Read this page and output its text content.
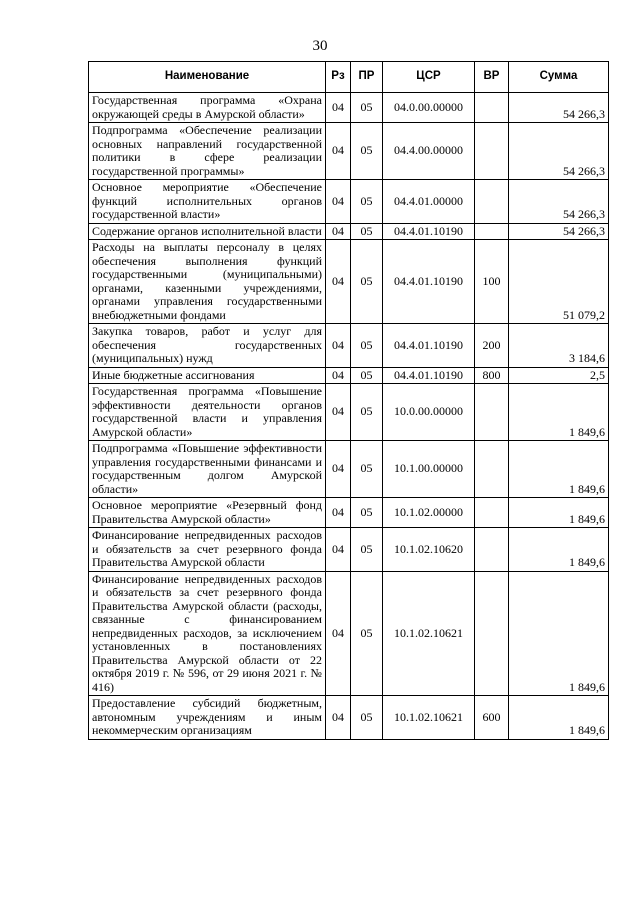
30
Наименование	Рз	ПР	ЦСР	ВР	Сумма
Государственная программа «Охрана окружающей среды в Амурской области»	04	05	04.0.00.00000		54 266,3
Подпрограмма «Обеспечение реализации основных направлений государственной политики в сфере реализации государственной программы»	04	05	04.4.00.00000		54 266,3
Основное мероприятие «Обеспечение функций исполнительных органов государственной власти»	04	05	04.4.01.00000		54 266,3
Содержание органов исполнительной власти	04	05	04.4.01.10190		54 266,3
Расходы на выплаты персоналу в целях обеспечения выполнения функций государственными (муниципальными) органами, казенными учреждениями, органами управления государственными внебюджетными фондами	04	05	04.4.01.10190	100	51 079,2
Закупка товаров, работ и услуг для обеспечения государственных (муниципальных) нужд	04	05	04.4.01.10190	200	3 184,6
Иные бюджетные ассигнования	04	05	04.4.01.10190	800	2,5
Государственная программа «Повышение эффективности деятельности органов государственной власти и управления Амурской области»	04	05	10.0.00.00000		1 849,6
Подпрограмма «Повышение эффективности управления государственными финансами и государственным долгом Амурской области»	04	05	10.1.00.00000		1 849,6
Основное мероприятие «Резервный фонд Правительства Амурской области»	04	05	10.1.02.00000		1 849,6
Финансирование непредвиденных расходов и обязательств за счет резервного фонда Правительства Амурской области	04	05	10.1.02.10620		1 849,6
Финансирование непредвиденных расходов и обязательств за счет резервного фонда Правительства Амурской области (расходы, связанные с финансированием непредвиденных расходов, за исключением установленных в постановлениях Правительства Амурской области от 22 октября 2019 г. № 596, от 29 июня 2021 г. № 416)	04	05	10.1.02.10621		1 849,6
Предоставление субсидий бюджетным, автономным учреждениям и иным некоммерческим организациям	04	05	10.1.02.10621	600	1 849,6
